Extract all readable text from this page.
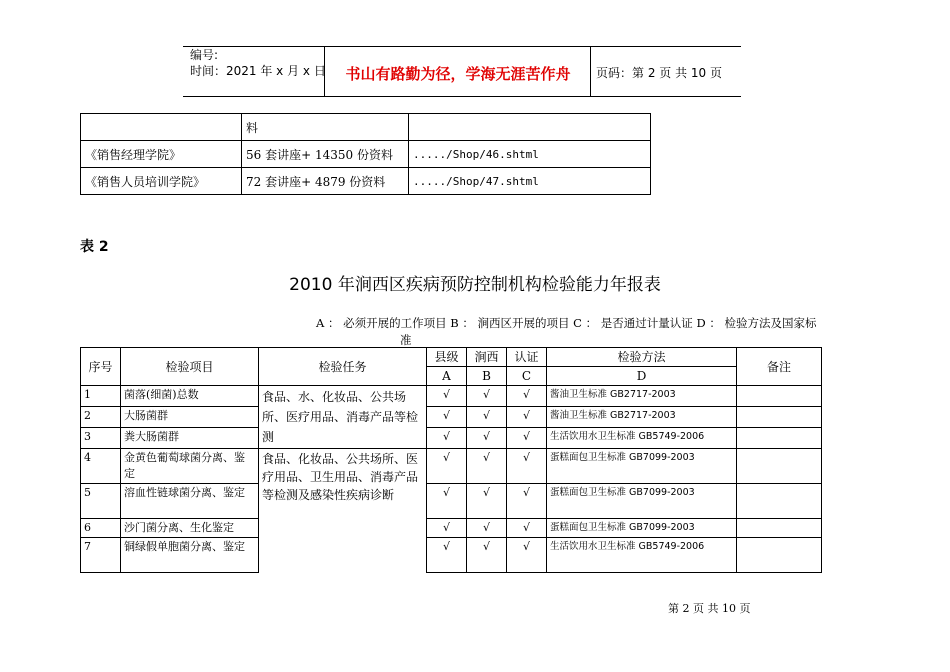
编号:
时间：2021 年 x 月 x 日	书山有路勤为径，学海无涯苦作舟	页码：第 2 页 共 10 页
	料	
《销售经理学院》	56 套讲座+ 14350 份资料	...../Shop/46.shtml
《销售人员培训学院》	72 套讲座+ 4879 份资料	...../Shop/47.shtml
表 2
2010 年涧西区疾病预防控制机构检验能力年报表
A ： 必须开展的工作项目 B ： 涧西区开展的项目 C ： 是否通过计量认证 D ： 检验方法及国家标
准
序号	检验项目	检验任务	县级	涧西	认证	检验方法	备注
			A	B	C	D	
1	菌落(细菌)总数	食品、水、化妆品、公共场所、医疗用品、消毒产品等检测	√	√	√	酱油卫生标准 GB2717-2003	
2	大肠菌群		√	√	√	酱油卫生标准 GB2717-2003	
3	粪大肠菌群		√	√	√	生活饮用水卫生标准 GB5749-2006	
4	金黄色葡萄球菌分离、鉴定	食品、化妆品、公共场所、医疗用品、卫生用品、消毒产品等检测及感染性疾病诊断	√	√	√	蛋糕面包卫生标准 GB7099-2003	
5	溶血性链球菌分离、鉴定		√	√	√	蛋糕面包卫生标准 GB7099-2003	
6	沙门菌分离、生化鉴定		√	√	√	蛋糕面包卫生标准 GB7099-2003	
7	铜绿假单胞菌分离、鉴定		√	√	√	生活饮用水卫生标准 GB5749-2006	
第 2 页 共 10 页
